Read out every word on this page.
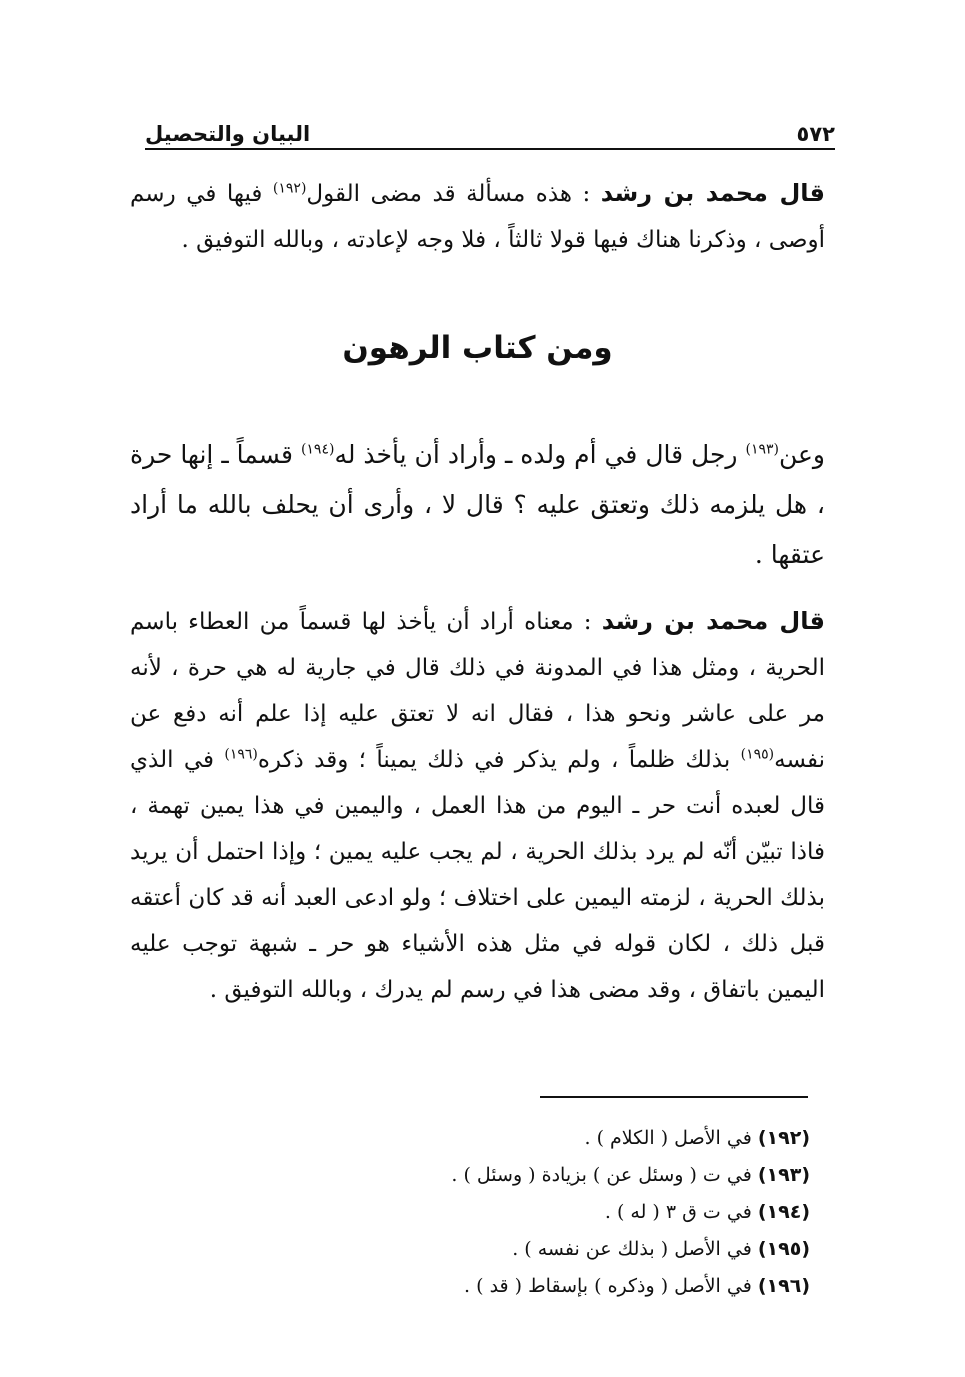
٥٧٢
البيان والتحصيل

قال محمد بن رشد : هذه مسألة قد مضى القول$^{(١٩٢)}$ فيها في رسم أوصى ، وذكرنا هناك فيها قولا ثالثاً ، فلا وجه لإعادته ، وبالله التوفيق .

ومن كتاب الرهون

وعن$^{(١٩٣)}$ رجل قال في أم ولده ـ وأراد أن يأخذ له$^{(١٩٤)}$ قسماً ـ إنها حرة ، هل يلزمه ذلك وتعتق عليه ؟ قال لا ، وأرى أن يحلف بالله ما أراد عتقها .

قال محمد بن رشد : معناه أراد أن يأخذ لها قسماً من العطاء باسم الحرية ، ومثل هذا في المدونة في ذلك قال في جارية له هي حرة ، لأنه مر على عاشر ونحو هذا ، فقال انه لا تعتق عليه إذا علم أنه دفع عن نفسه$^{(١٩٥)}$ بذلك ظلماً ، ولم يذكر في ذلك يميناً ؛ وقد ذكره$^{(١٩٦)}$ في الذي قال لعبده أنت حر ـ اليوم من هذا العمل ، واليمين في هذا يمين تهمة ، فاذا تبيّن أنّه لم يرد بذلك الحرية ، لم يجب عليه يمين ؛ وإذا احتمل أن يريد بذلك الحرية ، لزمته اليمين على اختلاف ؛ ولو ادعى العبد أنه قد كان أعتقه قبل ذلك ، لكان قوله في مثل هذه الأشياء هو حر ـ شبهة توجب عليه اليمين باتفاق ، وقد مضى هذا في رسم لم يدرك ، وبالله التوفيق .

(١٩٢) في الأصل ( الكلام ) .
(١٩٣) في ت ( وسئل عن ) بزيادة ( وسئل ) .
(١٩٤) في ت ق ٣ ( له ) .
(١٩٥) في الأصل ( بذلك عن نفسه ) .
(١٩٦) في الأصل ( وذكره ) بإسقاط ( قد ) .
